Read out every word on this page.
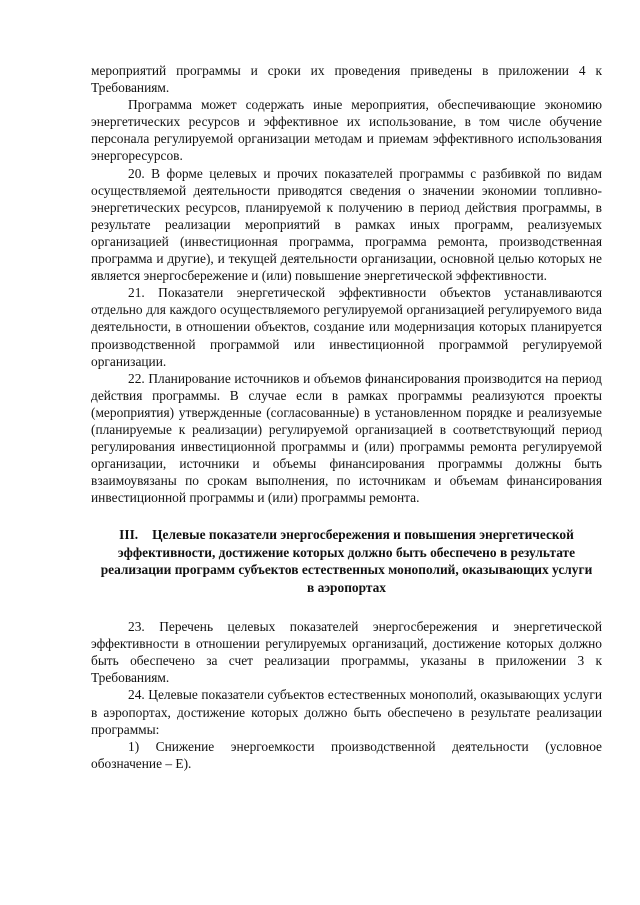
мероприятий программы и сроки их проведения приведены в приложении 4 к Требованиям.

Программа может содержать иные мероприятия, обеспечивающие экономию энергетических ресурсов и эффективное их использование, в том числе обучение персонала регулируемой организации методам и приемам эффективного использования энергоресурсов.

20. В форме целевых и прочих показателей программы с разбивкой по видам осуществляемой деятельности приводятся сведения о значении экономии топливно-энергетических ресурсов, планируемой к получению в период действия программы, в результате реализации мероприятий в рамках иных программ, реализуемых организацией (инвестиционная программа, программа ремонта, производственная программа и другие), и текущей деятельности организации, основной целью которых не является энергосбережение и (или) повышение энергетической эффективности.

21. Показатели энергетической эффективности объектов устанавливаются отдельно для каждого осуществляемого регулируемой организацией регулируемого вида деятельности, в отношении объектов, создание или модернизация которых планируется производственной программой или инвестиционной программой регулируемой организации.

22. Планирование источников и объемов финансирования производится на период действия программы. В случае если в рамках программы реализуются проекты (мероприятия) утвержденные (согласованные) в установленном порядке и реализуемые (планируемые к реализации) регулируемой организацией в соответствующий период регулирования инвестиционной программы и (или) программы ремонта регулируемой организации, источники и объемы финансирования программы должны быть взаимоувязаны по срокам выполнения, по источникам и объемам финансирования инвестиционной программы и (или) программы ремонта.

III. Целевые показатели энергосбережения и повышения энергетической эффективности, достижение которых должно быть обеспечено в результате реализации программ субъектов естественных монополий, оказывающих услуги в аэропортах

23. Перечень целевых показателей энергосбережения и энергетической эффективности в отношении регулируемых организаций, достижение которых должно быть обеспечено за счет реализации программы, указаны в приложении 3 к Требованиям.

24. Целевые показатели субъектов естественных монополий, оказывающих услуги в аэропортах, достижение которых должно быть обеспечено в результате реализации программы:

1) Снижение энергоемкости производственной деятельности (условное обозначение – Е).
